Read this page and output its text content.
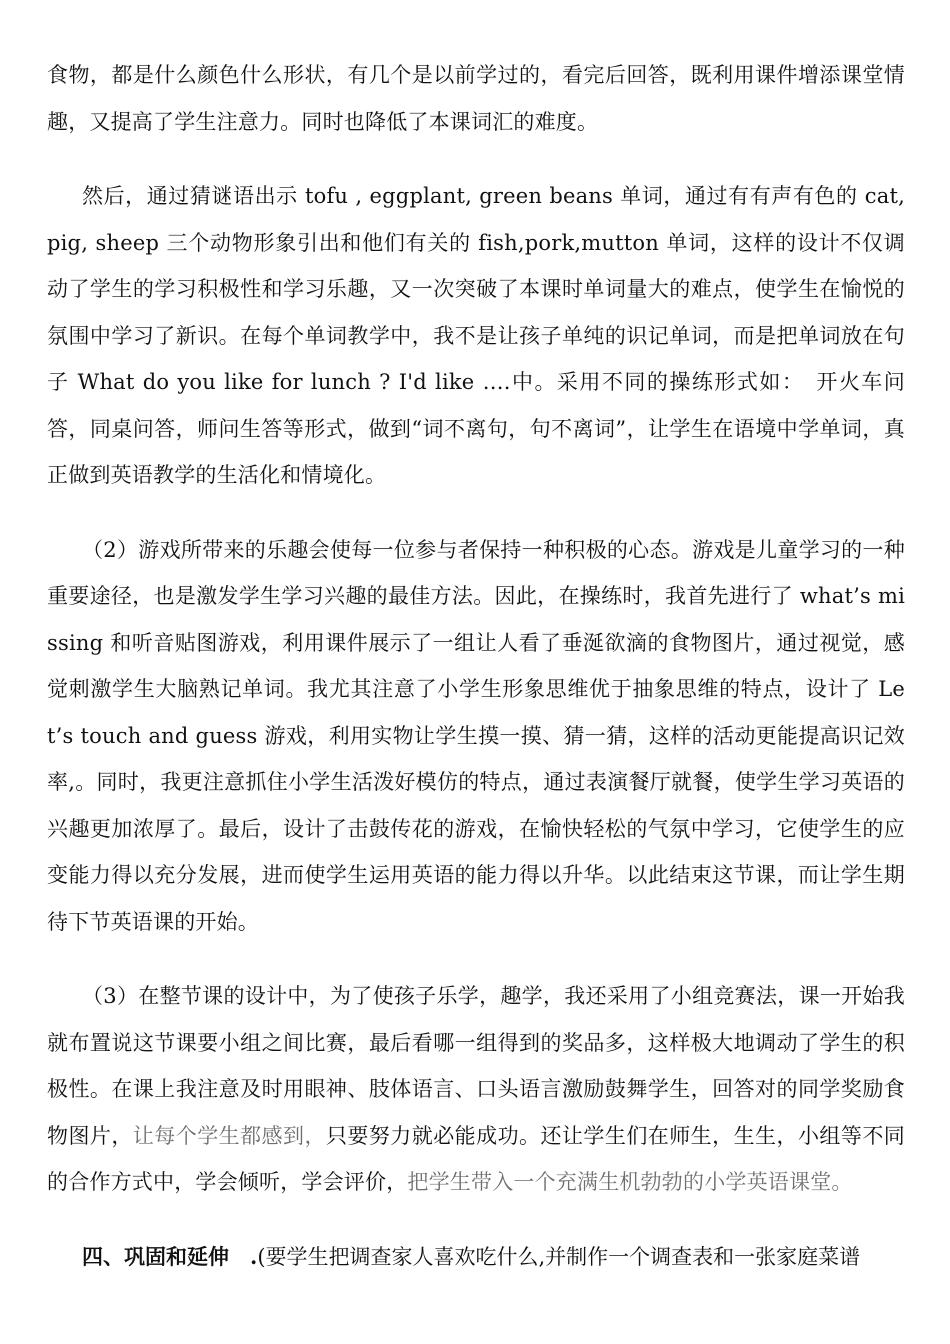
食物，都是什么颜色什么形状，有几个是以前学过的，看完后回答，既利用课件增添课堂情趣，又提高了学生注意力。同时也降低了本课词汇的难度。

然后，通过猜谜语出示 tofu , eggplant, green beans 单词，通过有有声有色的 cat,pig, sheep 三个动物形象引出和他们有关的 fish,pork,mutton 单词，这样的设计不仅调动了学生的学习积极性和学习乐趣，又一次突破了本课时单词量大的难点，使学生在愉悦的氛围中学习了新识。在每个单词教学中，我不是让孩子单纯的识记单词，而是把单词放在句子 What do you like for lunch ? I'd like ….中。采用不同的操练形式如：　开火车问答，同桌问答，师问生答等形式，做到“词不离句，句不离词”，让学生在语境中学单词，真正做到英语教学的生活化和情境化。

（2）游戏所带来的乐趣会使每一位参与者保持一种积极的心态。游戏是儿童学习的一种重要途径，也是激发学生学习兴趣的最佳方法。因此，在操练时，我首先进行了 what’s missing 和听音贴图游戏，利用课件展示了一组让人看了垂涎欲滴的食物图片，通过视觉，感觉刺激学生大脑熟记单词。我尤其注意了小学生形象思维优于抽象思维的特点，设计了 Let’s touch and guess 游戏，利用实物让学生摸一摸、猜一猜，这样的活动更能提高识记效率,。同时，我更注意抓住小学生活泼好模仿的特点，通过表演餐厅就餐，使学生学习英语的兴趣更加浓厚了。最后，设计了击鼓传花的游戏，在愉快轻松的气氛中学习，它使学生的应变能力得以充分发展，进而使学生运用英语的能力得以升华。以此结束这节课，而让学生期待下节英语课的开始。

（3）在整节课的设计中，为了使孩子乐学，趣学，我还采用了小组竞赛法，课一开始我就布置说这节课要小组之间比赛，最后看哪一组得到的奖品多，这样极大地调动了学生的积极性。在课上我注意及时用眼神、肢体语言、口头语言激励鼓舞学生，回答对的同学奖励食物图片，让每个学生都感到，只要努力就必能成功。还让学生们在师生，生生，小组等不同的合作方式中，学会倾听，学会评价，把学生带入一个充满生机勃勃的小学英语课堂。

四、巩固和延伸　.(要学生把调查家人喜欢吃什么,并制作一个调查表和一张家庭菜谱
